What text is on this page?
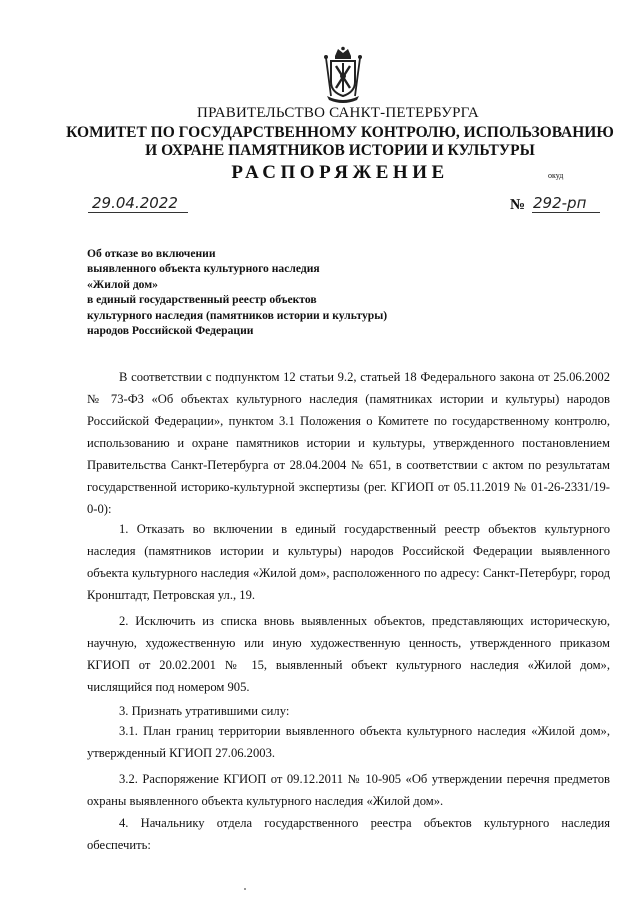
ПРАВИТЕЛЬСТВО САНКТ-ПЕТЕРБУРГА
КОМИТЕТ ПО ГОСУДАРСТВЕННОМУ КОНТРОЛЮ, ИСПОЛЬЗОВАНИЮ
И ОХРАНЕ ПАМЯТНИКОВ ИСТОРИИ И КУЛЬТУРЫ
РАСПОРЯЖЕНИЕ	окуд
29.04.2022	№ 292-рп
Об отказе во включении
выявленного объекта культурного наследия
«Жилой дом»
в единый государственный реестр объектов
культурного наследия (памятников истории и культуры)
народов Российской Федерации

В соответствии с подпунктом 12 статьи 9.2, статьей 18 Федерального закона от 25.06.2002 № 73-ФЗ «Об объектах культурного наследия (памятниках истории и культуры) народов Российской Федерации», пунктом 3.1 Положения о Комитете по государственному контролю, использованию и охране памятников истории и культуры, утвержденного постановлением Правительства Санкт-Петербурга от 28.04.2004 № 651, в соответствии с актом по результатам государственной историко-культурной экспертизы (рег. КГИОП от 05.11.2019 № 01-26-2331/19-0-0):

1. Отказать во включении в единый государственный реестр объектов культурного наследия (памятников истории и культуры) народов Российской Федерации выявленного объекта культурного наследия «Жилой дом», расположенного по адресу: Санкт-Петербург, город Кронштадт, Петровская ул., 19.

2. Исключить из списка вновь выявленных объектов, представляющих историческую, научную, художественную или иную художественную ценность, утвержденного приказом КГИОП от 20.02.2001 № 15, выявленный объект культурного наследия «Жилой дом», числящийся под номером 905.

3. Признать утратившими силу:

3.1. План границ территории выявленного объекта культурного наследия «Жилой дом», утвержденный КГИОП 27.06.2003.

3.2. Распоряжение КГИОП от 09.12.2011 № 10-905 «Об утверждении перечня предметов охраны выявленного объекта культурного наследия «Жилой дом».

4. Начальнику отдела государственного реестра объектов культурного наследия обеспечить:
